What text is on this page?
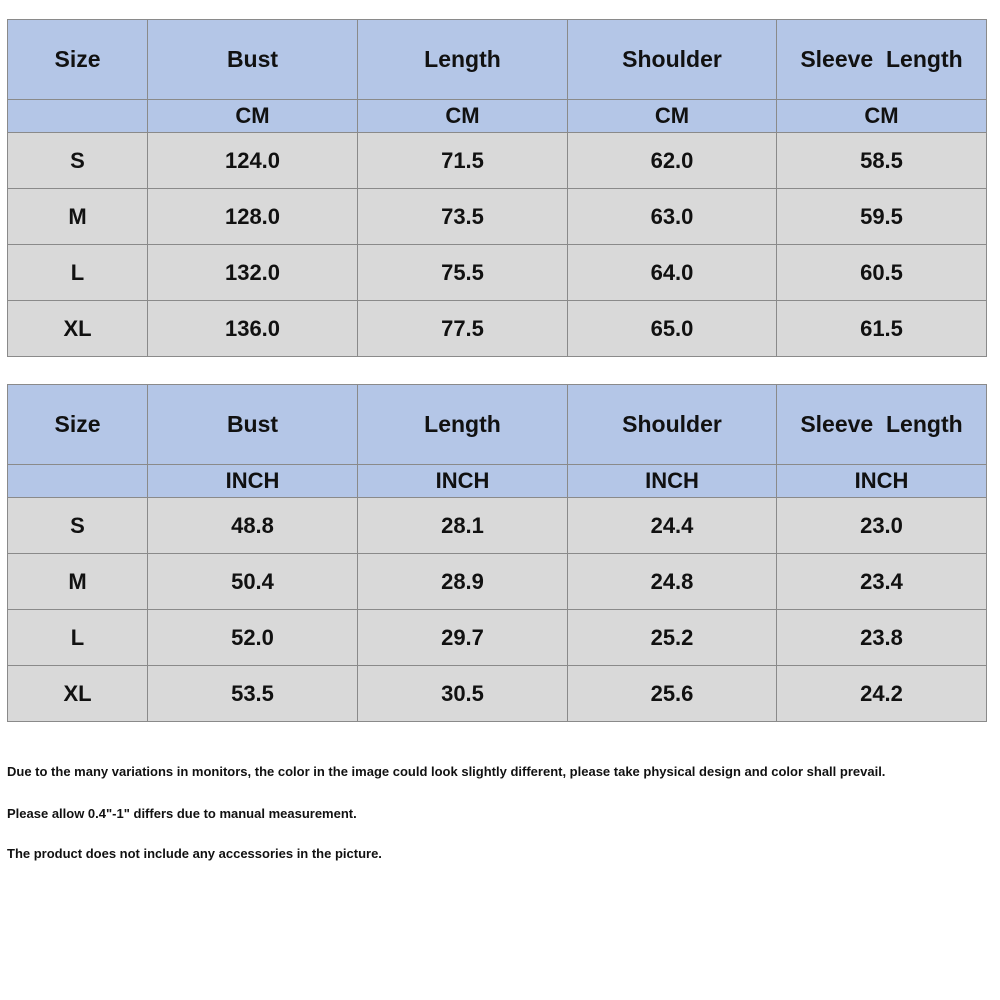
Size	Bust	Length	Shoulder	Sleeve  Length
	CM	CM	CM	CM
S	124.0	71.5	62.0	58.5
M	128.0	73.5	63.0	59.5
L	132.0	75.5	64.0	60.5
XL	136.0	77.5	65.0	61.5
Size	Bust	Length	Shoulder	Sleeve  Length
	INCH	INCH	INCH	INCH
S	48.8	28.1	24.4	23.0
M	50.4	28.9	24.8	23.4
L	52.0	29.7	25.2	23.8
XL	53.5	30.5	25.6	24.2

Due to the many variations in monitors, the color in the image could look slightly different, please take physical design and color shall prevail.

Please allow 0.4"-1" differs due to manual measurement.

The product does not include any accessories in the picture.
